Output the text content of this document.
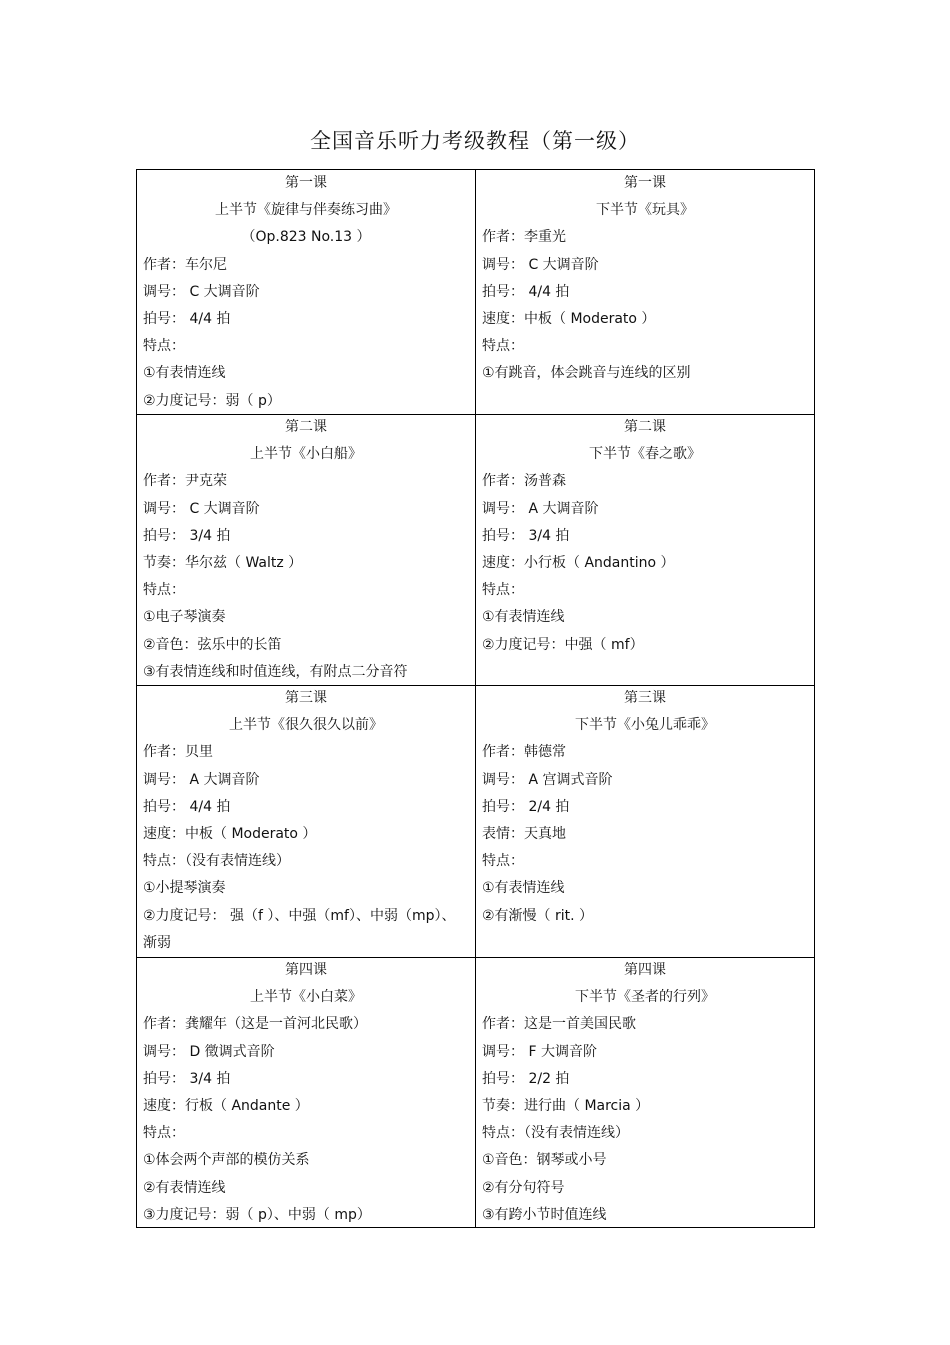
全国音乐听力考级教程（第一级）
第一课
上半节《旋律与伴奏练习曲》
（Op.823 No.13 ）
作者：车尔尼
调号： C 大调音阶
拍号： 4/4 拍
特点：
①有表情连线
②力度记号：弱（ p）
第一课
下半节《玩具》
作者：李重光
调号： C 大调音阶
拍号： 4/4 拍
速度：中板（ Moderato ）
特点：
①有跳音，体会跳音与连线的区别
第二课
上半节《小白船》
作者：尹克荣
调号： C 大调音阶
拍号： 3/4 拍
节奏：华尔兹（ Waltz ）
特点：
①电子琴演奏
②音色：弦乐中的长笛
③有表情连线和时值连线，有附点二分音符
第二课
下半节《春之歌》
作者：汤普森
调号： A 大调音阶
拍号： 3/4 拍
速度：小行板（ Andantino ）
特点：
①有表情连线
②力度记号：中强（ mf）
第三课
上半节《很久很久以前》
作者：贝里
调号： A 大调音阶
拍号： 4/4 拍
速度：中板（ Moderato ）
特点：（没有表情连线）
①小提琴演奏
②力度记号： 强（f ）、中强（mf）、中弱（mp）、
渐弱
第三课
下半节《小兔儿乖乖》
作者：韩德常
调号： A 宫调式音阶
拍号： 2/4 拍
表情：天真地
特点：
①有表情连线
②有渐慢（ rit. ）
第四课
上半节《小白菜》
作者：龚耀年（这是一首河北民歌）
调号： D 徵调式音阶
拍号： 3/4 拍
速度：行板（ Andante ）
特点：
①体会两个声部的模仿关系
②有表情连线
③力度记号：弱（ p）、中弱（ mp）
第四课
下半节《圣者的行列》
作者：这是一首美国民歌
调号： F 大调音阶
拍号： 2/2 拍
节奏：进行曲（ Marcia ）
特点：（没有表情连线）
①音色：钢琴或小号
②有分句符号
③有跨小节时值连线
